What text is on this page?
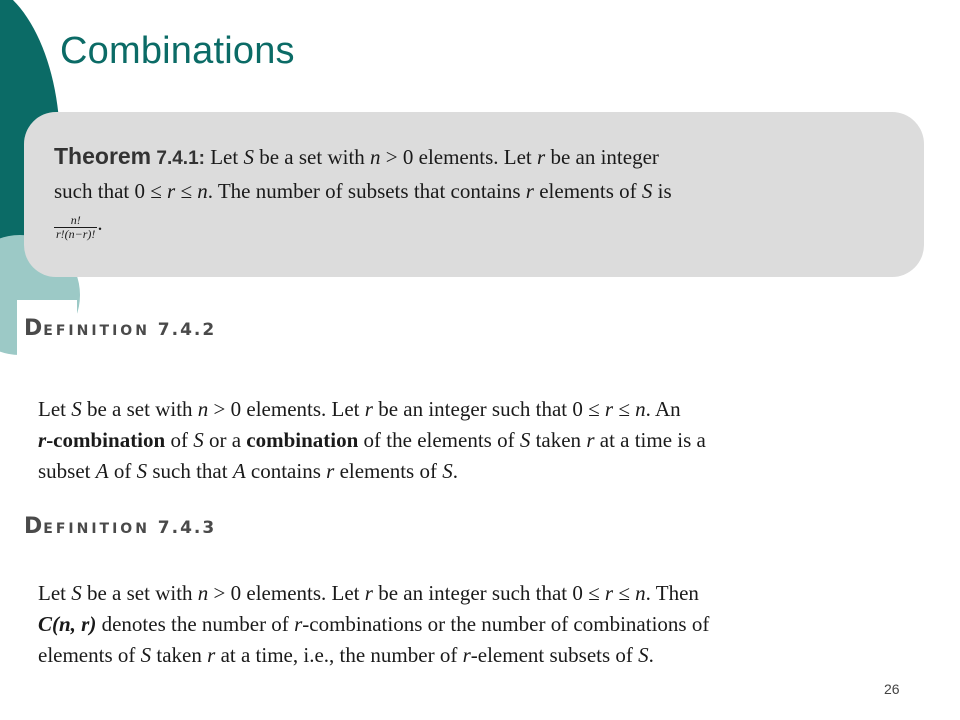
Combinations
Theorem 7.4.1: Let S be a set with n > 0 elements. Let r be an integer
such that 0 ≤ r ≤ n. The number of subsets that contains r elements of S is
$\frac{n!}{r!(n-r)!}$ .
DEFINITION 7.4.2
Let S be a set with n > 0 elements. Let r be an integer such that 0 ≤ r ≤ n. An
r-combination of S or a combination of the elements of S taken r at a time is a
subset A of S such that A contains r elements of S.
DEFINITION 7.4.3
Let S be a set with n > 0 elements. Let r be an integer such that 0 ≤ r ≤ n. Then
C(n, r) denotes the number of r-combinations or the number of combinations of
elements of S taken r at a time, i.e., the number of r-element subsets of S.
26
